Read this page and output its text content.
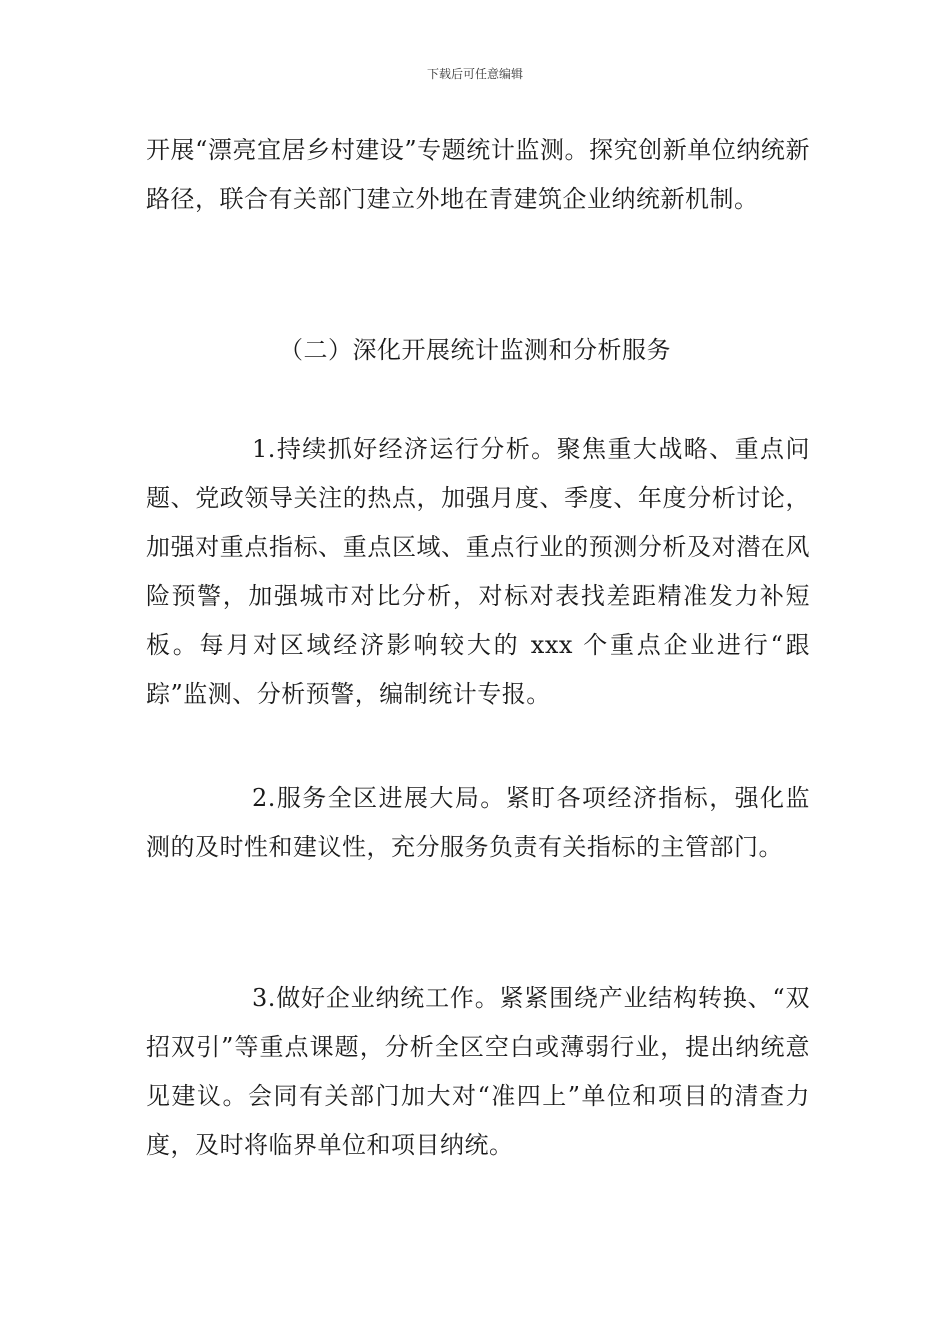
下载后可任意编辑

开展“漂亮宜居乡村建设”专题统计监测。探究创新单位纳统新路径，联合有关部门建立外地在青建筑企业纳统新机制。

（二）深化开展统计监测和分析服务

1.持续抓好经济运行分析。聚焦重大战略、重点问题、党政领导关注的热点，加强月度、季度、年度分析讨论，加强对重点指标、重点区域、重点行业的预测分析及对潜在风险预警，加强城市对比分析，对标对表找差距精准发力补短板。每月对区域经济影响较大的 xxx 个重点企业进行“跟踪”监测、分析预警，编制统计专报。

2.服务全区进展大局。紧盯各项经济指标，强化监测的及时性和建议性，充分服务负责有关指标的主管部门。

3.做好企业纳统工作。紧紧围绕产业结构转换、“双招双引”等重点课题，分析全区空白或薄弱行业，提出纳统意见建议。会同有关部门加大对“准四上”单位和项目的清查力度，及时将临界单位和项目纳统。
